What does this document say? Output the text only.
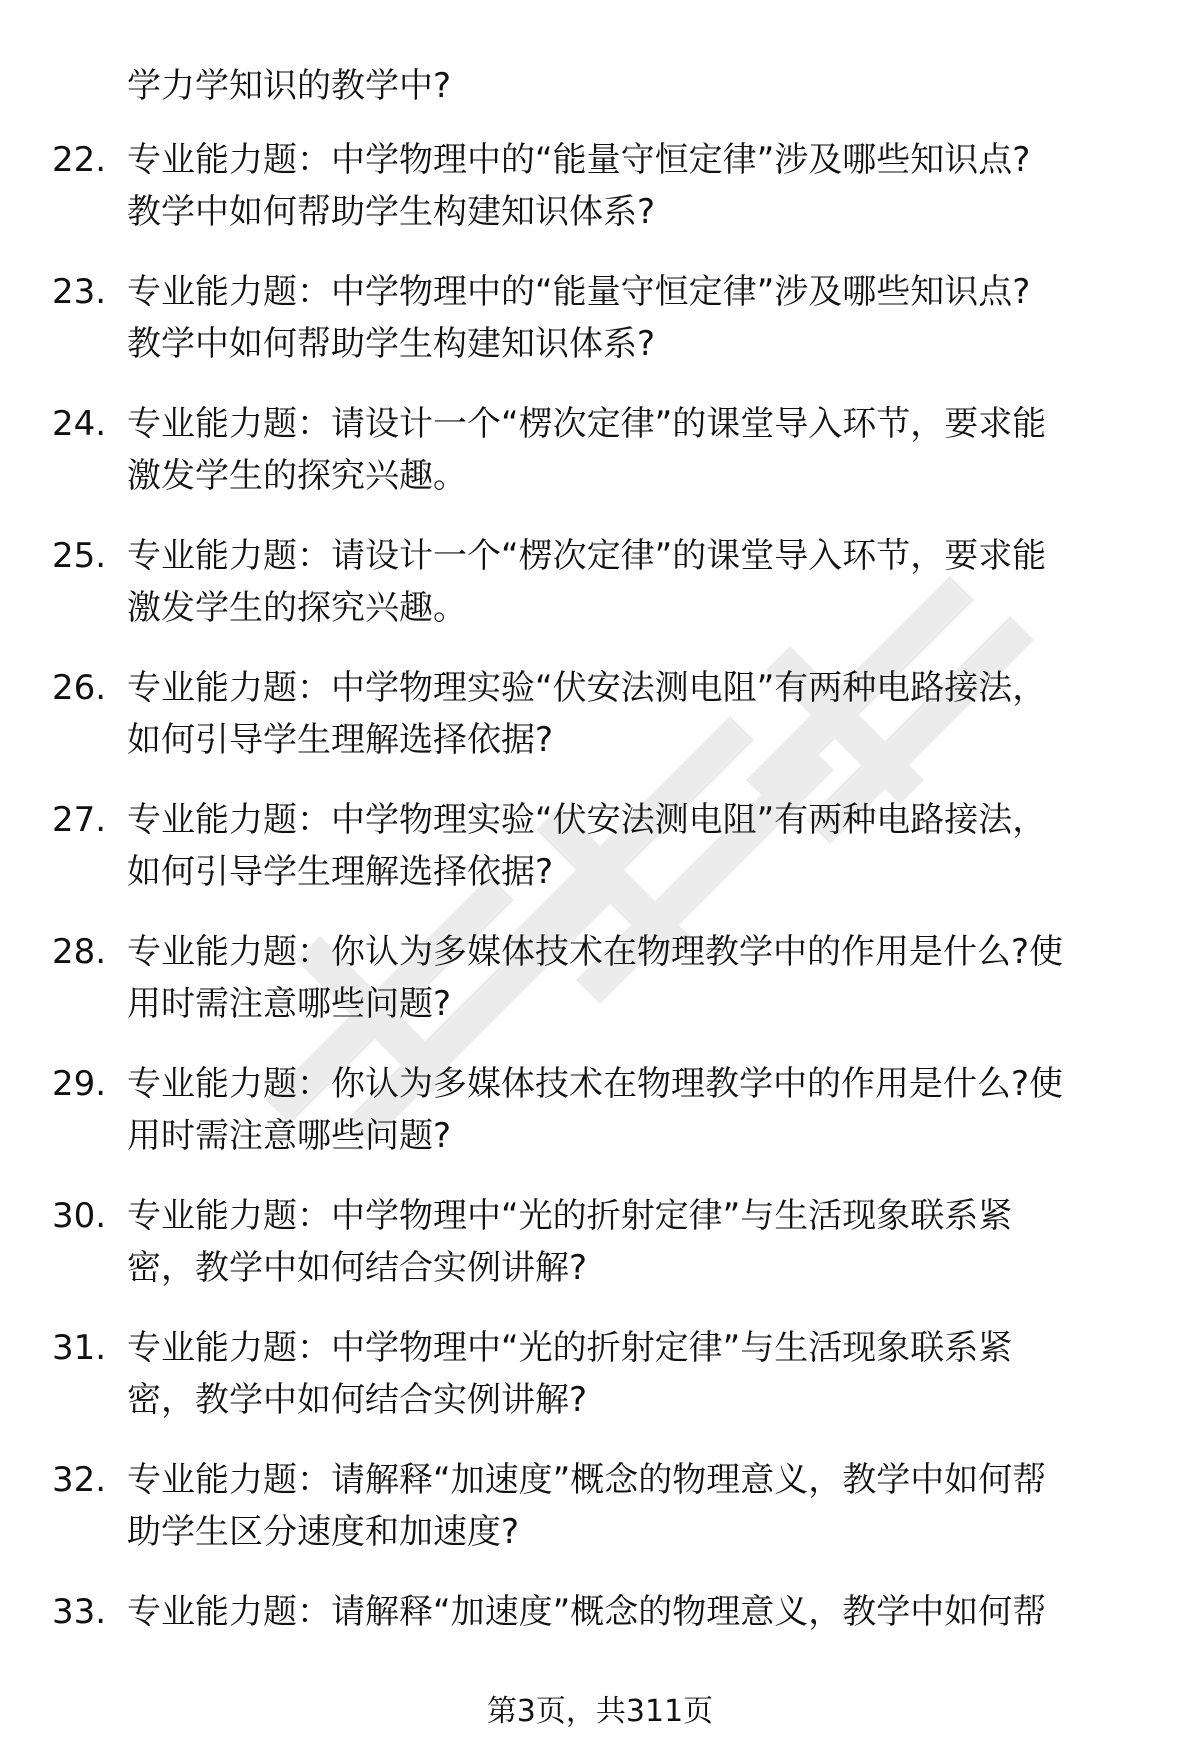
学力学知识的教学中?
22. 专业能力题：中学物理中的“能量守恒定律”涉及哪些知识点?
教学中如何帮助学生构建知识体系?
23. 专业能力题：中学物理中的“能量守恒定律”涉及哪些知识点?
教学中如何帮助学生构建知识体系?
24. 专业能力题：请设计一个“楞次定律”的课堂导入环节，要求能
激发学生的探究兴趣。
25. 专业能力题：请设计一个“楞次定律”的课堂导入环节，要求能
激发学生的探究兴趣。
26. 专业能力题：中学物理实验“伏安法测电阻”有两种电路接法，
如何引导学生理解选择依据?
27. 专业能力题：中学物理实验“伏安法测电阻”有两种电路接法，
如何引导学生理解选择依据?
28. 专业能力题：你认为多媒体技术在物理教学中的作用是什么?使
用时需注意哪些问题?
29. 专业能力题：你认为多媒体技术在物理教学中的作用是什么?使
用时需注意哪些问题?
30. 专业能力题：中学物理中“光的折射定律”与生活现象联系紧
密，教学中如何结合实例讲解?
31. 专业能力题：中学物理中“光的折射定律”与生活现象联系紧
密，教学中如何结合实例讲解?
32. 专业能力题：请解释“加速度”概念的物理意义，教学中如何帮
助学生区分速度和加速度?
33. 专业能力题：请解释“加速度”概念的物理意义，教学中如何帮
第3页，共311页
